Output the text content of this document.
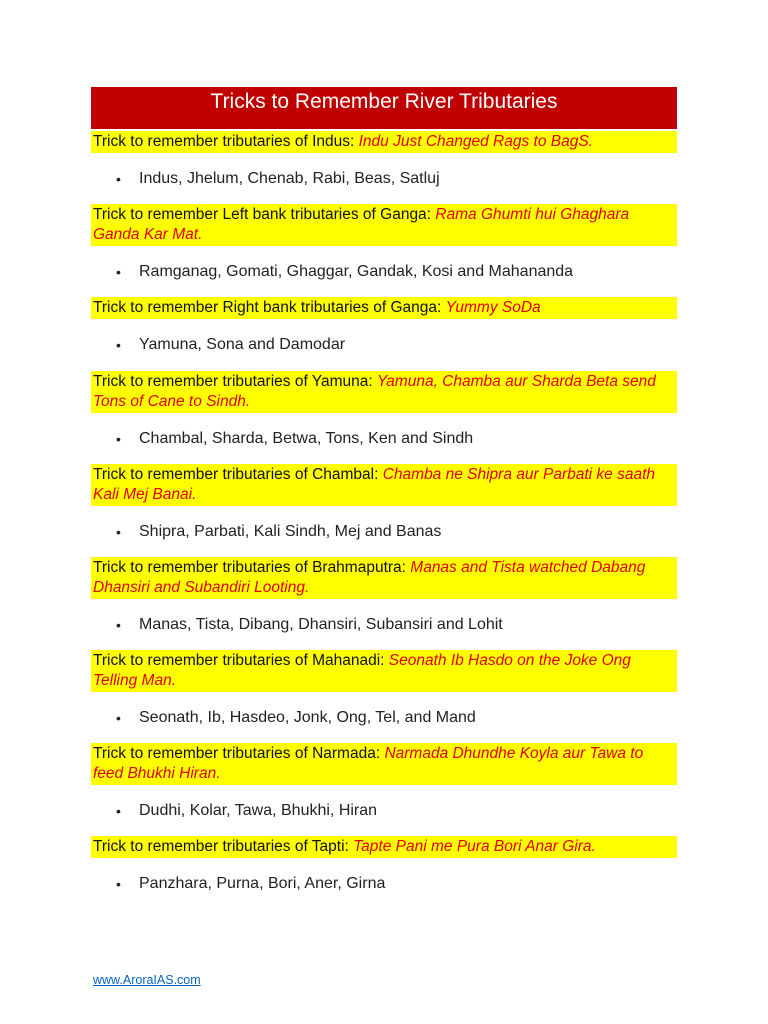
Tricks to Remember River Tributaries
Trick to remember tributaries of Indus: Indu Just Changed Rags to BagS.
• Indus, Jhelum, Chenab, Rabi, Beas, Satluj
Trick to remember Left bank tributaries of Ganga: Rama Ghumti hui Ghaghara Ganda Kar Mat.
• Ramganag, Gomati, Ghaggar, Gandak, Kosi and Mahananda
Trick to remember Right bank tributaries of Ganga: Yummy SoDa
• Yamuna, Sona and Damodar
Trick to remember tributaries of Yamuna: Yamuna, Chamba aur Sharda Beta send Tons of Cane to Sindh.
• Chambal, Sharda, Betwa, Tons, Ken and Sindh
Trick to remember tributaries of Chambal: Chamba ne Shipra aur Parbati ke saath Kali Mej Banai.
• Shipra, Parbati, Kali Sindh, Mej and Banas
Trick to remember tributaries of Brahmaputra: Manas and Tista watched Dabang Dhansiri and Subandiri Looting.
• Manas, Tista, Dibang, Dhansiri, Subansiri and Lohit
Trick to remember tributaries of Mahanadi: Seonath Ib Hasdo on the Joke Ong Telling Man.
• Seonath, Ib, Hasdeo, Jonk, Ong, Tel, and Mand
Trick to remember tributaries of Narmada: Narmada Dhundhe Koyla aur Tawa to feed Bhukhi Hiran.
• Dudhi, Kolar, Tawa, Bhukhi, Hiran
Trick to remember tributaries of Tapti: Tapte Pani me Pura Bori Anar Gira.
• Panzhara, Purna, Bori, Aner, Girna
www.AroraIAS.com
